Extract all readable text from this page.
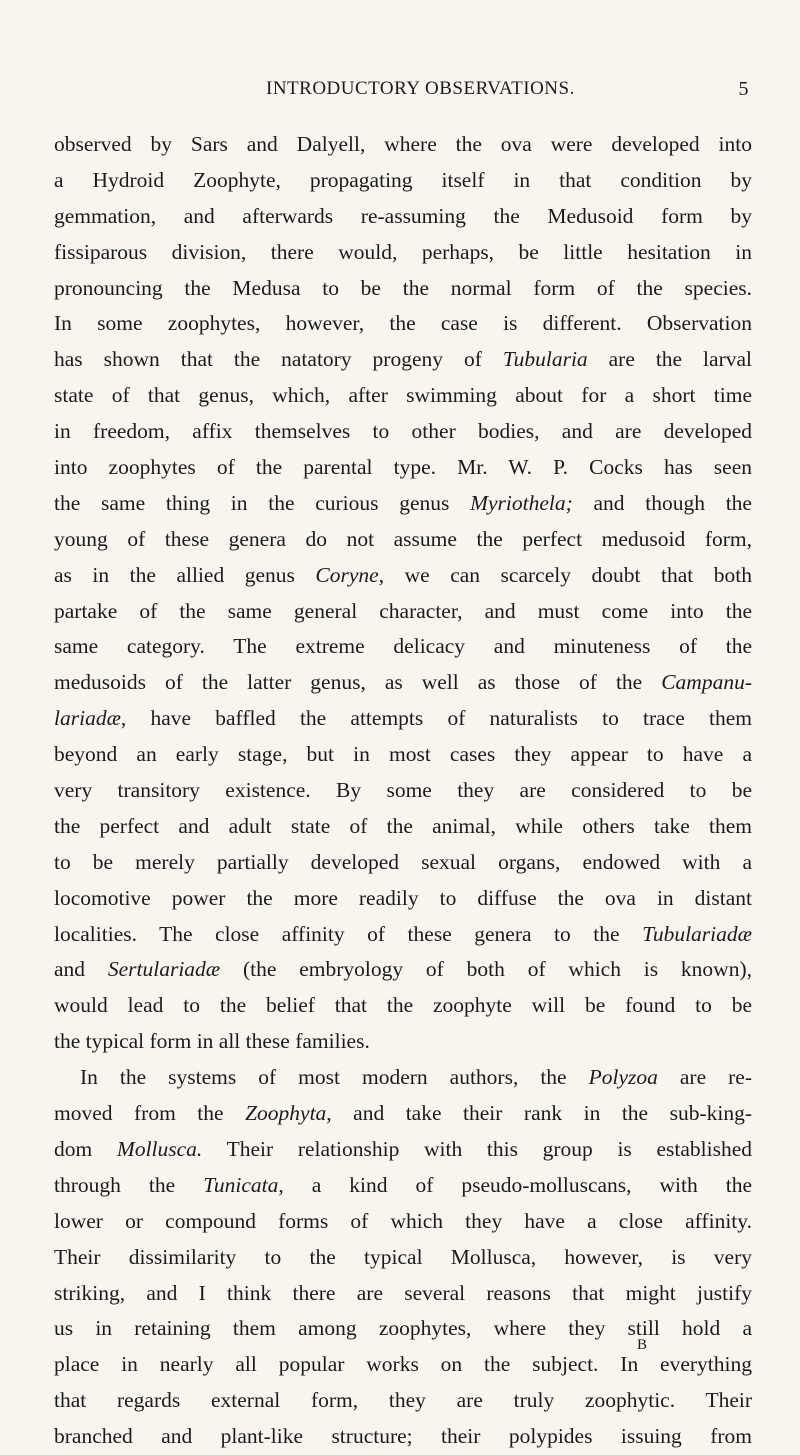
INTRODUCTORY OBSERVATIONS.	5
observed by Sars and Dalyell, where the ova were developed into
a Hydroid Zoophyte, propagating itself in that condition by
gemmation, and afterwards re-assuming the Medusoid form by
fissiparous division, there would, perhaps, be little hesitation in
pronouncing the Medusa to be the normal form of the species.
In some zoophytes, however, the case is different. Observation
has shown that the natatory progeny of Tubularia are the larval
state of that genus, which, after swimming about for a short time
in freedom, affix themselves to other bodies, and are developed
into zoophytes of the parental type. Mr. W. P. Cocks has seen
the same thing in the curious genus Myriothela; and though the
young of these genera do not assume the perfect medusoid form,
as in the allied genus Coryne, we can scarcely doubt that both
partake of the same general character, and must come into the
same category. The extreme delicacy and minuteness of the
medusoids of the latter genus, as well as those of the Campanu-
lariadæ, have baffled the attempts of naturalists to trace them
beyond an early stage, but in most cases they appear to have a
very transitory existence. By some they are considered to be
the perfect and adult state of the animal, while others take them
to be merely partially developed sexual organs, endowed with a
locomotive power the more readily to diffuse the ova in distant
localities. The close affinity of these genera to the Tubulariadæ
and Sertulariadæ (the embryology of both of which is known),
would lead to the belief that the zoophyte will be found to be
the typical form in all these families.
In the systems of most modern authors, the Polyzoa are re-
moved from the Zoophyta, and take their rank in the sub-king-
dom Mollusca. Their relationship with this group is established
through the Tunicata, a kind of pseudo-molluscans, with the
lower or compound forms of which they have a close affinity.
Their dissimilarity to the typical Mollusca, however, is very
striking, and I think there are several reasons that might justify
us in retaining them among zoophytes, where they still hold a
place in nearly all popular works on the subject. In everything
that regards external form, they are truly zoophytic. Their
branched and plant-like structure; their polypides issuing from
B
